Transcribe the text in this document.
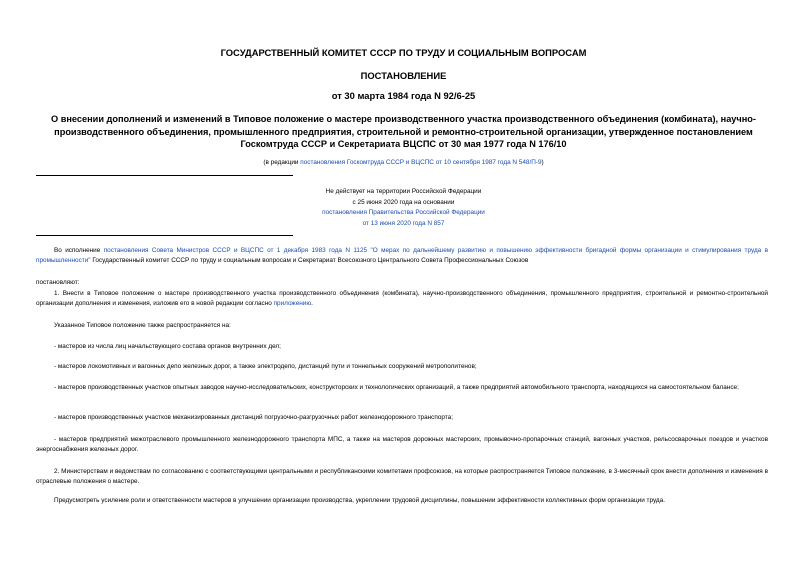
ГОСУДАРСТВЕННЫЙ КОМИТЕТ СССР ПО ТРУДУ И СОЦИАЛЬНЫМ ВОПРОСАМ
ПОСТАНОВЛЕНИЕ
от 30 марта 1984 года N 92/6-25
О внесении дополнений и изменений в Типовое положение о мастере производственного участка производственного объединения (комбината), научно-производственного объединения, промышленного предприятия, строительной и ремонтно-строительной организации, утвержденное постановлением Госкомтруда СССР и Секретариата ВЦСПС от 30 мая 1977 года N 176/10
(в редакции постановления Госкомтруда СССР и ВЦСПС от 10 сентября 1987 года N 548/П-9)
Не действует на территории Российской Федерации
с 25 июня 2020 года на основании
постановления Правительства Российской Федерации
от 13 июня 2020 года N 857
Во исполнение постановления Совета Министров СССР и ВЦСПС от 1 декабря 1983 года N 1125 "О мерах по дальнейшему развитию и повышению эффективности бригадной формы организации и стимулирования труда в промышленности" Государственный комитет СССР по труду и социальным вопросам и Секретариат Всесоюзного Центрального Совета Профессиональных Союзов
постановляют:
1. Внести в Типовое положение о мастере производственного участка производственного объединения (комбината), научно-производственного объединения, промышленного предприятия, строительной и ремонтно-строительной организации дополнения и изменения, изложив его в новой редакции согласно приложению.
Указанное Типовое положение также распространяется на:
- мастеров из числа лиц начальствующего состава органов внутренних дел;
- мастеров локомотивных и вагонных депо железных дорог, а также электродепо, дистанций пути и тоннельных сооружений метрополитенов;
- мастеров производственных участков опытных заводов научно-исследовательских, конструкторских и технологических организаций, а также предприятий автомобильного транспорта, находящихся на самостоятельном балансе;
- мастеров производственных участков механизированных дистанций погрузочно-разгрузочных работ железнодорожного транспорта;
- мастеров предприятий межотраслевого промышленного железнодорожного транспорта МПС, а также на мастеров дорожных мастерских, промывочно-пропарочных станций, вагонных участков, рельсосварочных поездов и участков энергоснабжения железных дорог.
2. Министерствам и ведомствам по согласованию с соответствующими центральными и республиканскими комитетами профсоюзов, на которые распространяется Типовое положение, в 3-месячный срок внести дополнения и изменения в отраслевые положения о мастере.
Предусмотреть усиление роли и ответственности мастеров в улучшении организации производства, укреплении трудовой дисциплины, повышении эффективности коллективных форм организации труда.
